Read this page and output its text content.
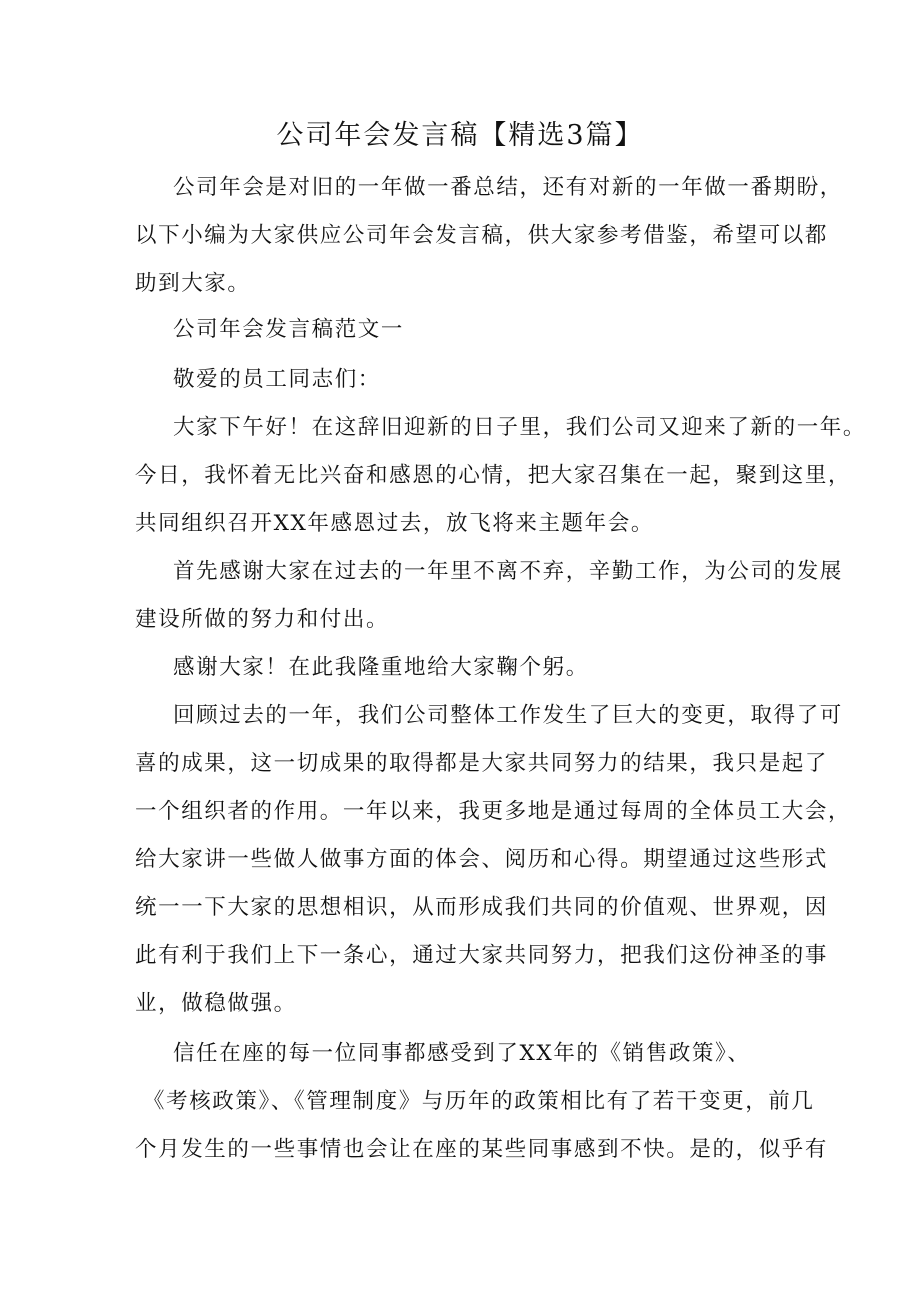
公司年会发言稿【精选3篇】
公司年会是对旧的一年做一番总结，还有对新的一年做一番期盼，
以下小编为大家供应公司年会发言稿，供大家参考借鉴，希望可以都
助到大家。
公司年会发言稿范文一
敬爱的员工同志们：
大家下午好！在这辞旧迎新的日子里，我们公司又迎来了新的一年。
今日，我怀着无比兴奋和感恩的心情，把大家召集在一起，聚到这里，
共同组织召开XX年感恩过去，放飞将来主题年会。
首先感谢大家在过去的一年里不离不弃，辛勤工作，为公司的发展
建设所做的努力和付出。
感谢大家！在此我隆重地给大家鞠个躬。
回顾过去的一年，我们公司整体工作发生了巨大的变更，取得了可
喜的成果，这一切成果的取得都是大家共同努力的结果，我只是起了
一个组织者的作用。一年以来，我更多地是通过每周的全体员工大会，
给大家讲一些做人做事方面的体会、阅历和心得。期望通过这些形式
统一一下大家的思想相识，从而形成我们共同的价值观、世界观，因
此有利于我们上下一条心，通过大家共同努力，把我们这份神圣的事
业，做稳做强。
信任在座的每一位同事都感受到了XX年的《销售政策》、
《考核政策》、《管理制度》与历年的政策相比有了若干变更，前几
个月发生的一些事情也会让在座的某些同事感到不快。是的，似乎有
